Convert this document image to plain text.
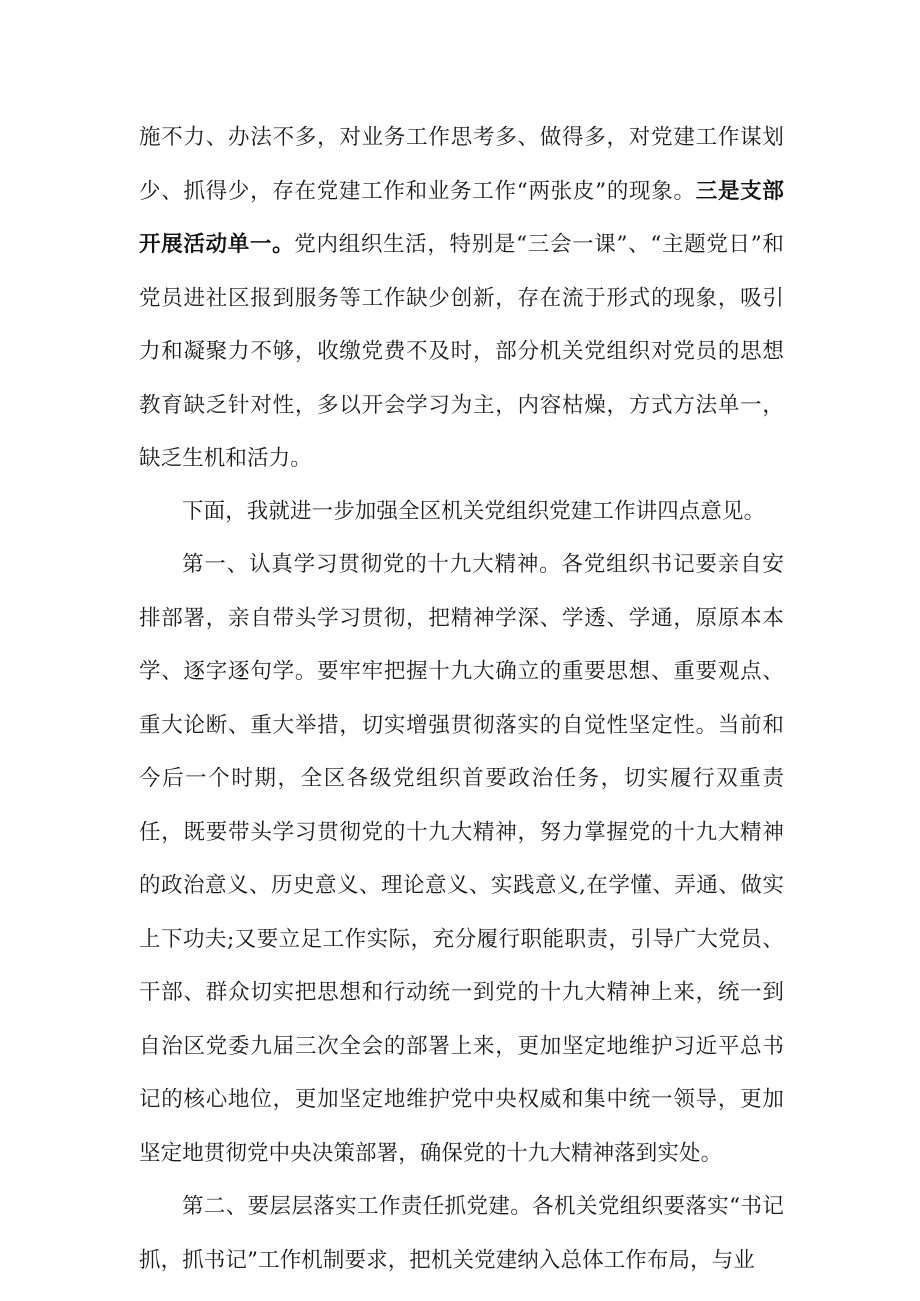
施不力、办法不多，对业务工作思考多、做得多，对党建工作谋划少、抓得少，存在党建工作和业务工作“两张皮”的现象。三是支部开展活动单一。党内组织生活，特别是“三会一课”、“主题党日”和党员进社区报到服务等工作缺少创新，存在流于形式的现象，吸引力和凝聚力不够，收缴党费不及时，部分机关党组织对党员的思想教育缺乏针对性，多以开会学习为主，内容枯燥，方式方法单一，缺乏生机和活力。

下面，我就进一步加强全区机关党组织党建工作讲四点意见。

第一、认真学习贯彻党的十九大精神。各党组织书记要亲自安排部署，亲自带头学习贯彻，把精神学深、学透、学通，原原本本学、逐字逐句学。要牢牢把握十九大确立的重要思想、重要观点、重大论断、重大举措，切实增强贯彻落实的自觉性坚定性。当前和今后一个时期，全区各级党组织首要政治任务，切实履行双重责任，既要带头学习贯彻党的十九大精神，努力掌握党的十九大精神的政治意义、历史意义、理论意义、实践意义,在学懂、弄通、做实上下功夫;又要立足工作实际，充分履行职能职责，引导广大党员、干部、群众切实把思想和行动统一到党的十九大精神上来，统一到自治区党委九届三次全会的部署上来，更加坚定地维护习近平总书记的核心地位，更加坚定地维护党中央权威和集中统一领导，更加坚定地贯彻党中央决策部署，确保党的十九大精神落到实处。

第二、要层层落实工作责任抓党建。各机关党组织要落实“书记抓，抓书记”工作机制要求，把机关党建纳入总体工作布局，与业
